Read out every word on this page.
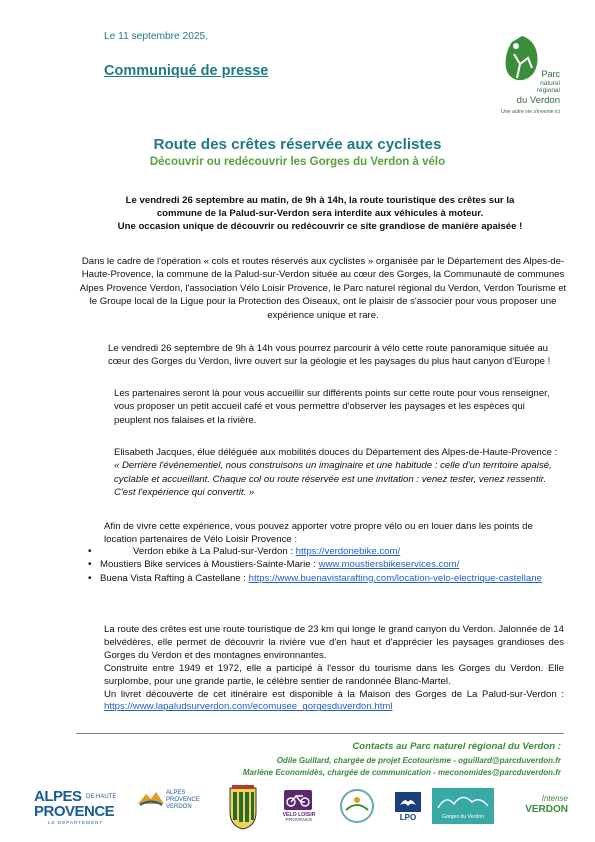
Le 11 septembre 2025,
Communiqué de presse	Parc
naturel
régional
du Verdon
Une autre vie s'invente ici
Route des crêtes réservée aux cyclistes
Découvrir ou redécouvrir les Gorges du Verdon à vélo
Le vendredi 26 septembre au matin, de 9h à 14h, la route touristique des crêtes sur la
commune de la Palud-sur-Verdon sera interdite aux véhicules à moteur.
Une occasion unique de découvrir ou redécouvrir ce site grandiose de manière apaisée !

Dans le cadre de l'opération « cols et routes réservés aux cyclistes » organisée par le Département des Alpes-de-Haute-Provence, la commune de la Palud-sur-Verdon située au cœur des Gorges, la Communauté de communes Alpes Provence Verdon, l'association Vélo Loisir Provence, le Parc naturel régional du Verdon, Verdon Tourisme et le Groupe local de la Ligue pour la Protection des Oiseaux, ont le plaisir de s'associer pour vous proposer une expérience unique et rare.

Le vendredi 26 septembre de 9h à 14h vous pourrez parcourir à vélo cette route panoramique située au cœur des Gorges du Verdon, livre ouvert sur la géologie et les paysages du plus haut canyon d'Europe !

Les partenaires seront là pour vous accueillir sur différents points sur cette route pour vous renseigner, vous proposer un petit accueil café et vous permettre d'observer les paysages et les espèces qui peuplent nos falaises et la rivière.

Elisabeth Jacques, élue déléguée aux mobilités douces du Département des Alpes-de-Haute-Provence : « Derrière l'événementiel, nous construisons un imaginaire et une habitude : celle d'un territoire apaisé, cyclable et accueillant. Chaque col ou route réservée est une invitation : venez tester, venez ressentir. C'est l'expérience qui convertit. »

Afin de vivre cette expérience, vous pouvez apporter votre propre vélo ou en louer dans les points de location partenaires de Vélo Loisir Provence :

• Verdon ebike à La Palud-sur-Verdon : https://verdonebike.com/
• Moustiers Bike services à Moustiers-Sainte-Marie : www.moustiersbikeservices.com/
• Buena Vista Rafting à Castellane : https://www.buenavistarafting.com/location-velo-electrique-castellane

La route des crêtes est une route touristique de 23 km qui longe le grand canyon du Verdon. Jalonnée de 14 belvédères, elle permet de découvrir la rivière vue d'en haut et d'apprécier les paysages grandioses des Gorges du Verdon et des montagnes environnantes.

Construite entre 1949 et 1972, elle a participé à l'essor du tourisme dans les Gorges du Verdon. Elle surplombe, pour une grande partie, le célèbre sentier de randonnée Blanc-Martel.

Un livret découverte de cet itinéraire est disponible à la Maison des Gorges de La Palud-sur-Verdon : https://www.lapaludsurverdon.com/ecomusee_gorgesduverdon.html

Contacts au Parc naturel régional du Verdon :
Odile Guillard, chargée de projet Ecotourisme - oguillard@parcduverdon.fr
Marlène Economidès, chargée de communication - meconomides@parcduverdon.fr
ALPES DE HAUTE
PROVENCE
LE DÉPARTEMENT
ALPES
PROVENCE
VERDON
VÉLO LOISIR
PROVENCE	LPO	Gorges du Verdon
Intense
VERDON
